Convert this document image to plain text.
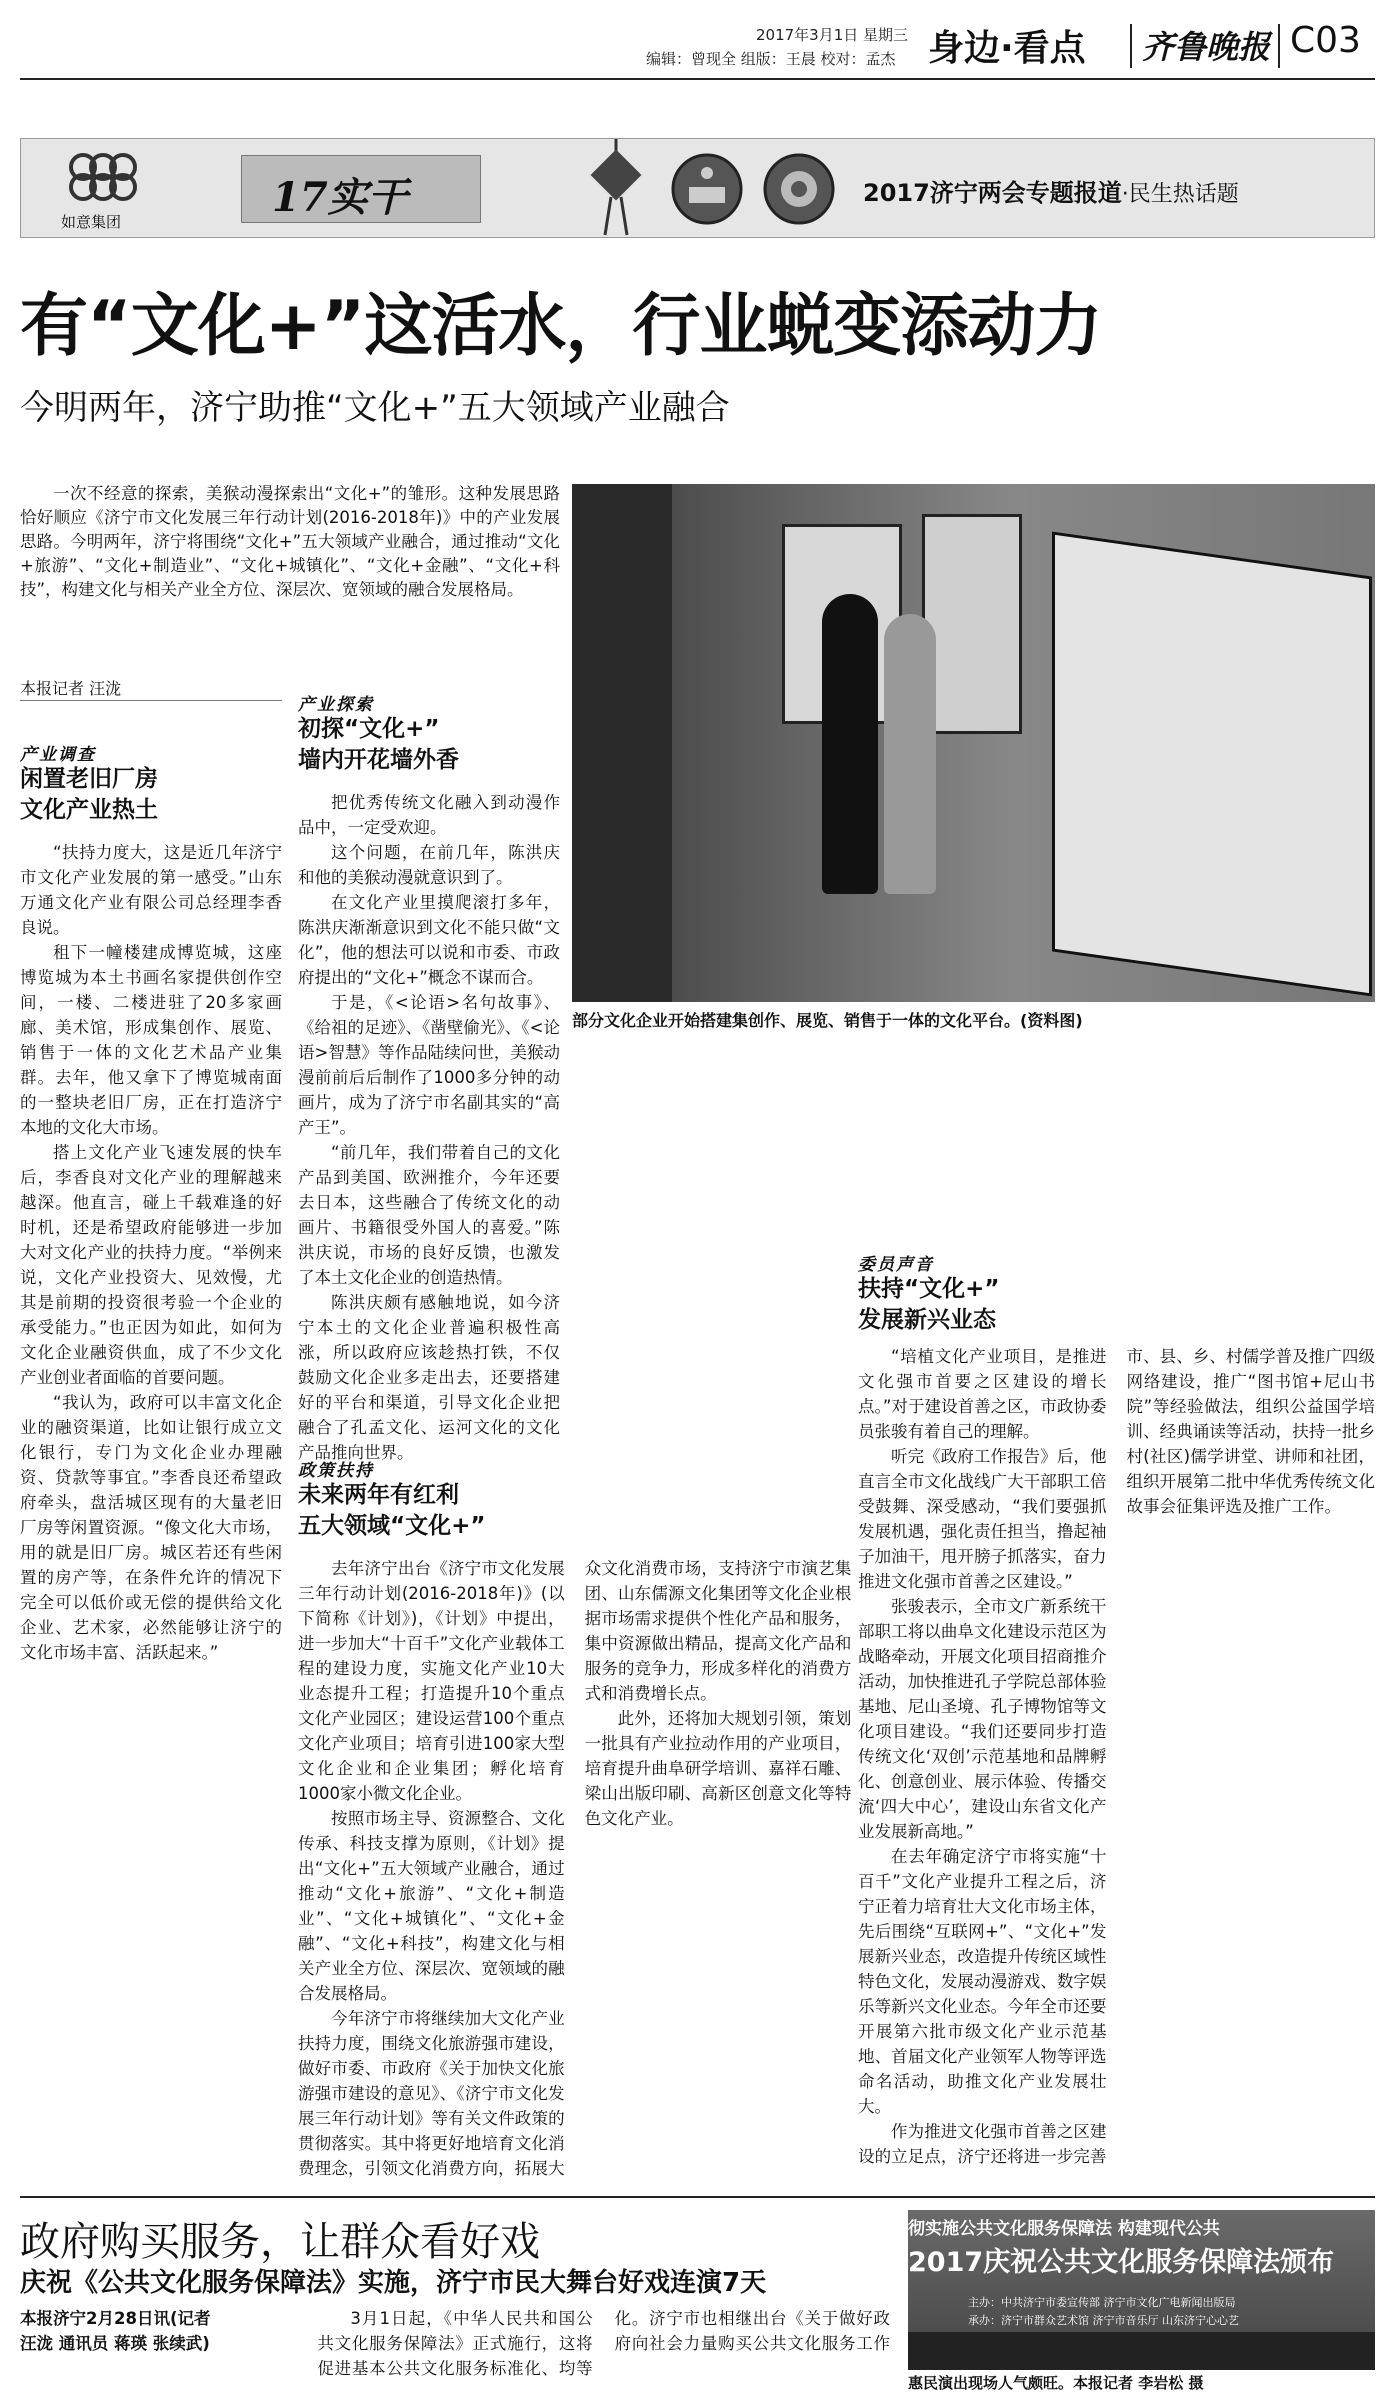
2017年3月1日 星期三
编辑：曾现全 组版：王晨 校对：孟杰 身边·看点 齐鲁晚报 C03
如意集团
17实干	2017济宁两会专题报道·民生热话题
有“文化+”这活水，行业蜕变添动力
今明两年，济宁助推“文化+”五大领域产业融合

一次不经意的探索，美猴动漫探索出“文化+”的雏形。这种发展思路恰好顺应《济宁市文化发展三年行动计划(2016-2018年)》中的产业发展思路。今明两年，济宁将围绕“文化+”五大领域产业融合，通过推动“文化+旅游”、“文化+制造业”、“文化+城镇化”、“文化+金融”、“文化+科技”，构建文化与相关产业全方位、深层次、宽领域的融合发展格局。

本报记者 汪泷
部分文化企业开始搭建集创作、展览、销售于一体的文化平台。(资料图)
产业调查
闲置老旧厂房
文化产业热土

“扶持力度大，这是近几年济宁市文化产业发展的第一感受。”山东万通文化产业有限公司总经理李香良说。

租下一幢楼建成博览城，这座博览城为本土书画名家提供创作空间，一楼、二楼进驻了20多家画廊、美术馆，形成集创作、展览、销售于一体的文化艺术品产业集群。去年，他又拿下了博览城南面的一整块老旧厂房，正在打造济宁本地的文化大市场。

搭上文化产业飞速发展的快车后，李香良对文化产业的理解越来越深。他直言，碰上千载难逢的好时机，还是希望政府能够进一步加大对文化产业的扶持力度。“举例来说，文化产业投资大、见效慢，尤其是前期的投资很考验一个企业的承受能力。”也正因为如此，如何为文化企业融资供血，成了不少文化产业创业者面临的首要问题。

“我认为，政府可以丰富文化企业的融资渠道，比如让银行成立文化银行，专门为文化企业办理融资、贷款等事宜。”李香良还希望政府牵头，盘活城区现有的大量老旧厂房等闲置资源。“像文化大市场，用的就是旧厂房。城区若还有些闲置的房产等，在条件允许的情况下完全可以低价或无偿的提供给文化企业、艺术家，必然能够让济宁的文化市场丰富、活跃起来。”

产业探索
初探“文化+”
墙内开花墙外香

把优秀传统文化融入到动漫作品中，一定受欢迎。

这个问题，在前几年，陈洪庆和他的美猴动漫就意识到了。

在文化产业里摸爬滚打多年，陈洪庆渐渐意识到文化不能只做“文化”，他的想法可以说和市委、市政府提出的“文化+”概念不谋而合。

于是，《<论语>名句故事》、《给祖的足迹》、《凿壁偷光》、《<论语>智慧》等作品陆续问世，美猴动漫前前后后制作了1000多分钟的动画片，成为了济宁市名副其实的“高产王”。

“前几年，我们带着自己的文化产品到美国、欧洲推介，今年还要去日本，这些融合了传统文化的动画片、书籍很受外国人的喜爱。”陈洪庆说，市场的良好反馈，也激发了本土文化企业的创造热情。

陈洪庆颇有感触地说，如今济宁本土的文化企业普遍积极性高涨，所以政府应该趁热打铁，不仅鼓励文化企业多走出去，还要搭建好的平台和渠道，引导文化企业把融合了孔孟文化、运河文化的文化产品推向世界。

政策扶持
未来两年有红利
五大领域“文化+”

去年济宁出台《济宁市文化发展三年行动计划(2016-2018年)》(以下简称《计划》)，《计划》中提出，进一步加大“十百千”文化产业载体工程的建设力度，实施文化产业10大业态提升工程；打造提升10个重点文化产业园区；建设运营100个重点文化产业项目；培育引进100家大型文化企业和企业集团；孵化培育1000家小微文化企业。

按照市场主导、资源整合、文化传承、科技支撑为原则，《计划》提出“文化+”五大领域产业融合，通过推动“文化+旅游”、“文化+制造业”、“文化+城镇化”、“文化+金融”、“文化+科技”，构建文化与相关产业全方位、深层次、宽领域的融合发展格局。

今年济宁市将继续加大文化产业扶持力度，围绕文化旅游强市建设，做好市委、市政府《关于加快文化旅游强市建设的意见》、《济宁市文化发展三年行动计划》等有关文件政策的贯彻落实。其中将更好地培育文化消费理念，引领文化消费方向，拓展大众文化消费市场，支持济宁市演艺集团、山东儒源文化集团等文化企业根据市场需求提供个性化产品和服务，集中资源做出精品，提高文化产品和服务的竞争力，形成多样化的消费方式和消费增长点。

此外，还将加大规划引领，策划一批具有产业拉动作用的产业项目，培育提升曲阜研学培训、嘉祥石雕、梁山出版印刷、高新区创意文化等特色文化产业。

委员声音
扶持“文化+”
发展新兴业态

“培植文化产业项目，是推进文化强市首要之区建设的增长点。”对于建设首善之区，市政协委员张骏有着自己的理解。

听完《政府工作报告》后，他直言全市文化战线广大干部职工倍受鼓舞、深受感动，“我们要强抓发展机遇，强化责任担当，撸起袖子加油干，甩开膀子抓落实，奋力推进文化强市首善之区建设。”

张骏表示，全市文广新系统干部职工将以曲阜文化建设示范区为战略牵动，开展文化项目招商推介活动，加快推进孔子学院总部体验基地、尼山圣境、孔子博物馆等文化项目建设。“我们还要同步打造传统文化‘双创’示范基地和品牌孵化、创意创业、展示体验、传播交流‘四大中心’，建设山东省文化产业发展新高地。”

在去年确定济宁市将实施“十百千”文化产业提升工程之后，济宁正着力培育壮大文化市场主体，先后围绕“互联网+”、“文化+”发展新兴业态，改造提升传统区域性特色文化，发展动漫游戏、数字娱乐等新兴文化业态。今年全市还要开展第六批市级文化产业示范基地、首届文化产业领军人物等评选命名活动，助推文化产业发展壮大。

作为推进文化强市首善之区建设的立足点，济宁还将进一步完善市、县、乡、村儒学普及推广四级网络建设，推广“图书馆+尼山书院”等经验做法，组织公益国学培训、经典诵读等活动，扶持一批乡村(社区)儒学讲堂、讲师和社团，组织开展第二批中华优秀传统文化故事会征集评选及推广工作。

政府购买服务，让群众看好戏
庆祝《公共文化服务保障法》实施，济宁市民大舞台好戏连演7天
本报济宁2月28日讯(记者
汪泷 通讯员 蒋瑛 张续武)

3月1日起，《中华人民共和国公共文化服务保障法》正式施行，这将促进基本公共文化服务标准化、均等化。济宁市也相继出台《关于做好政府向社会力量购买公共文化服务工作

彻实施公共文化服务保障法 构建现代公共
2017庆祝公共文化服务保障法颁布
主办：中共济宁市委宣传部 济宁市文化广电新闻出版局
承办：济宁市群众艺术馆 济宁市音乐厅 山东济宁心心艺
惠民演出现场人气颇旺。本报记者 李岩松 摄
